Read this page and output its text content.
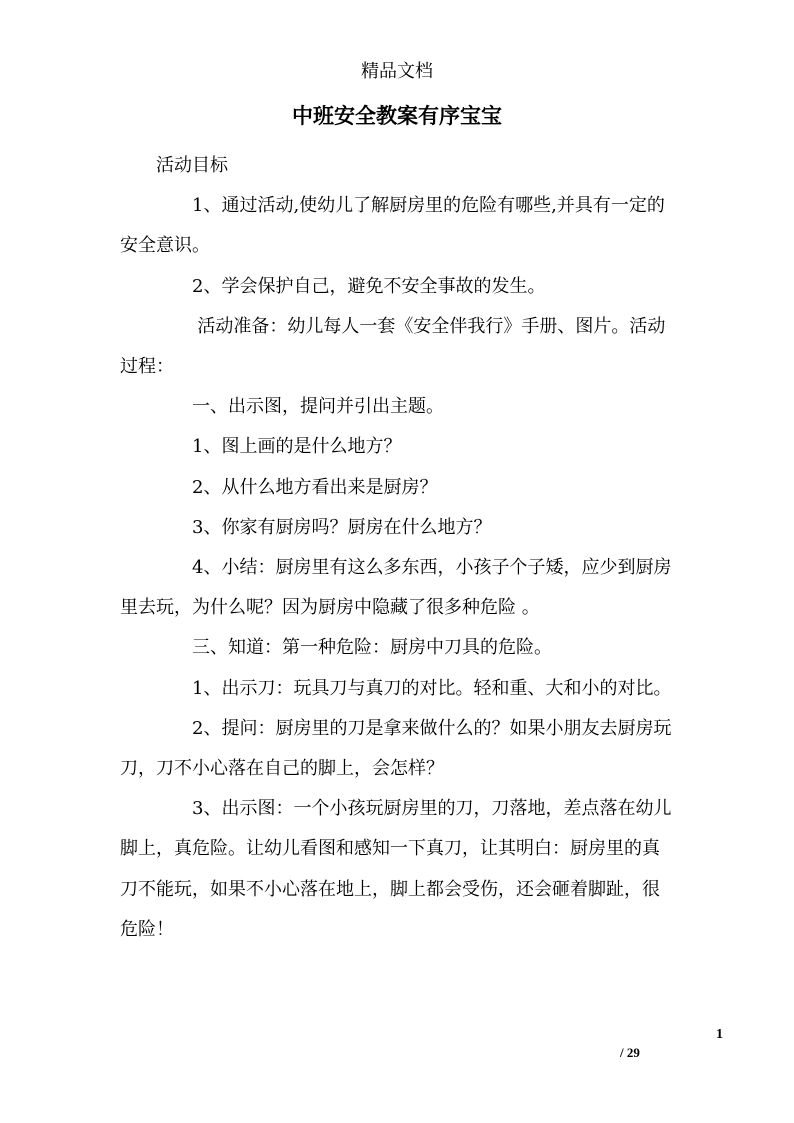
精品文档
中班安全教案有序宝宝

活动目标

1、通过活动,使幼儿了解厨房里的危险有哪些,并具有一定的安全意识。

2、学会保护自己，避免不安全事故的发生。

活动准备：幼儿每人一套《安全伴我行》手册、图片。活动过程：

一、出示图，提问并引出主题。

1、图上画的是什么地方？

2、从什么地方看出来是厨房？

3、你家有厨房吗？厨房在什么地方？

4、小结：厨房里有这么多东西，小孩子个子矮，应少到厨房里去玩，为什么呢？因为厨房中隐藏了很多种危险 。

三、知道：第一种危险：厨房中刀具的危险。

1、出示刀：玩具刀与真刀的对比。轻和重、大和小的对比。

2、提问：厨房里的刀是拿来做什么的？如果小朋友去厨房玩刀，刀不小心落在自己的脚上，会怎样？

3、出示图：一个小孩玩厨房里的刀，刀落地，差点落在幼儿脚上，真危险。让幼儿看图和感知一下真刀，让其明白：厨房里的真刀不能玩，如果不小心落在地上，脚上都会受伤，还会砸着脚趾，很危险！

1
/ 29
